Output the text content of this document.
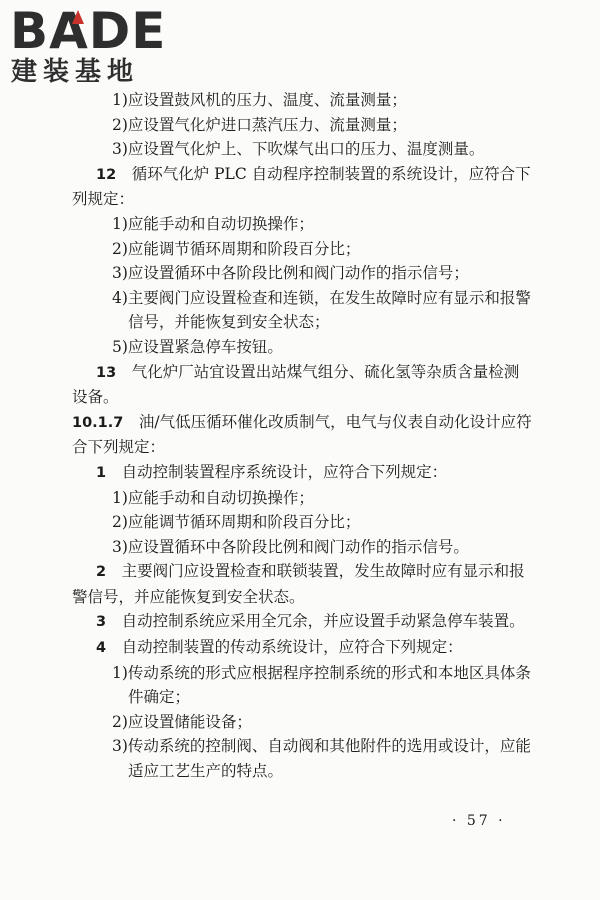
BADE
建装基地

1)应设置鼓风机的压力、温度、流量测量；

2)应设置气化炉进口蒸汽压力、流量测量；

3)应设置气化炉上、下吹煤气出口的压力、温度测量。

12　循环气化炉 PLC 自动程序控制装置的系统设计，应符合下列规定：

1)应能手动和自动切换操作；

2)应能调节循环周期和阶段百分比；

3)应设置循环中各阶段比例和阀门动作的指示信号；

4)主要阀门应设置检查和连锁，在发生故障时应有显示和报警信号，并能恢复到安全状态；

5)应设置紧急停车按钮。

13　气化炉厂站宜设置出站煤气组分、硫化氢等杂质含量检测设备。

10.1.7　油/气低压循环催化改质制气，电气与仪表自动化设计应符合下列规定：

1　自动控制装置程序系统设计，应符合下列规定：

1)应能手动和自动切换操作；

2)应能调节循环周期和阶段百分比；

3)应设置循环中各阶段比例和阀门动作的指示信号。

2　主要阀门应设置检查和联锁装置，发生故障时应有显示和报警信号，并应能恢复到安全状态。

3　自动控制系统应采用全冗余，并应设置手动紧急停车装置。

4　自动控制装置的传动系统设计，应符合下列规定：

1)传动系统的形式应根据程序控制系统的形式和本地区具体条件确定；

2)应设置储能设备；

3)传动系统的控制阀、自动阀和其他附件的选用或设计，应能适应工艺生产的特点。

· 57 ·
